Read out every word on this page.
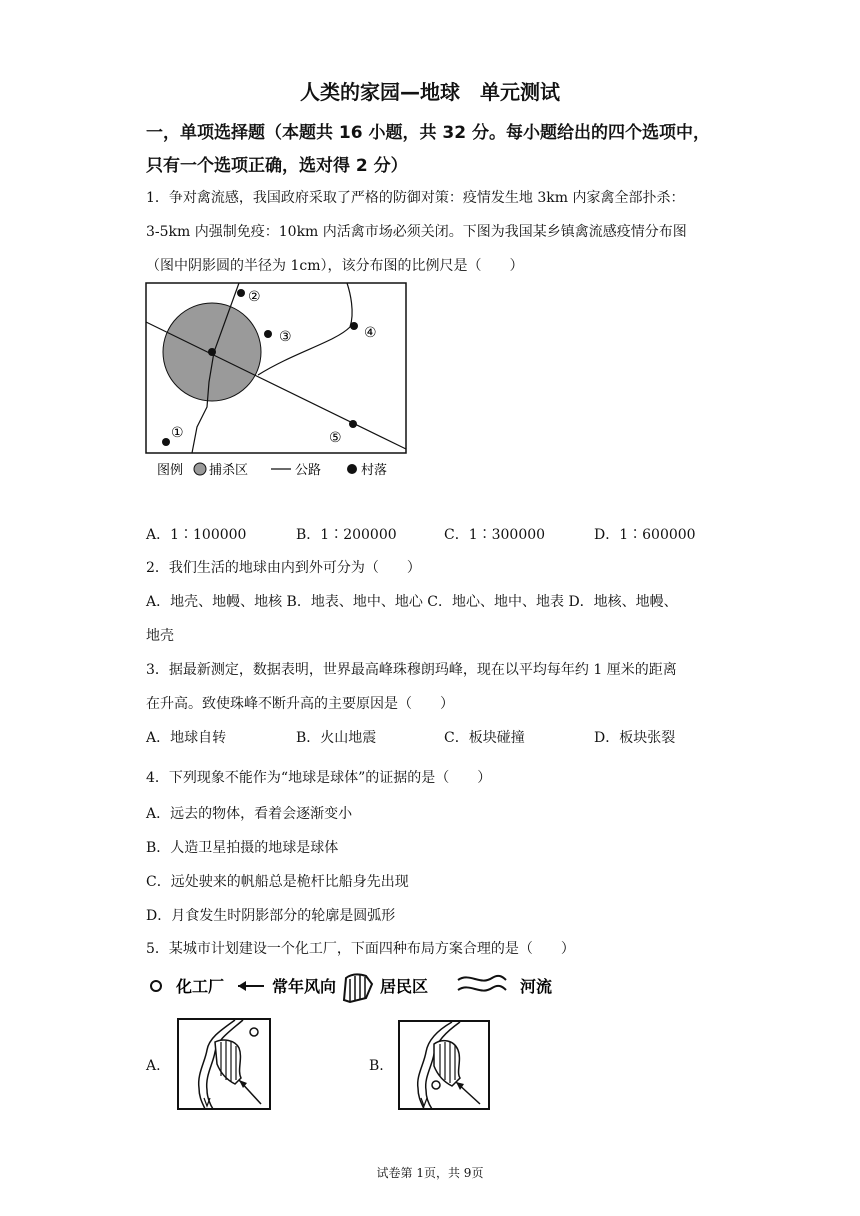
人类的家园—地球　单元测试
一，单项选择题（本题共 16 小题，共 32 分。每小题给出的四个选项中，
只有一个选项正确，选对得 2 分）
1．争对禽流感，我国政府采取了严格的防御对策：疫情发生地 3km 内家禽全部扑杀：
3-5km 内强制免疫：10km 内活禽市场必须关闭。下图为我国某乡镇禽流感疫情分布图
（图中阴影圆的半径为 1cm），该分布图的比例尺是（　　）
①
②
③	④
⑤
图例 捕杀区	公路	村落
A．1∶100000	B．1∶200000	C．1∶300000	D．1∶600000
2．我们生活的地球由内到外可分为（　　）
A．地壳、地幔、地核 B．地表、地中、地心 C．地心、地中、地表 D．地核、地幔、
地壳
3．据最新测定，数据表明，世界最高峰珠穆朗玛峰，现在以平均每年约 1 厘米的距离
在升高。致使珠峰不断升高的主要原因是（　　）
A．地球自转	B．火山地震	C．板块碰撞	D．板块张裂
4．下列现象不能作为“地球是球体”的证据的是（　　）
A．远去的物体，看着会逐渐变小
B．人造卫星拍摄的地球是球体
C．远处驶来的帆船总是桅杆比船身先出现
D．月食发生时阴影部分的轮廓是圆弧形
5．某城市计划建设一个化工厂，下面四种布局方案合理的是（　　）
化工厂	常年风向	居民区	河流
A.	B.
试卷第 1页，共 9页
